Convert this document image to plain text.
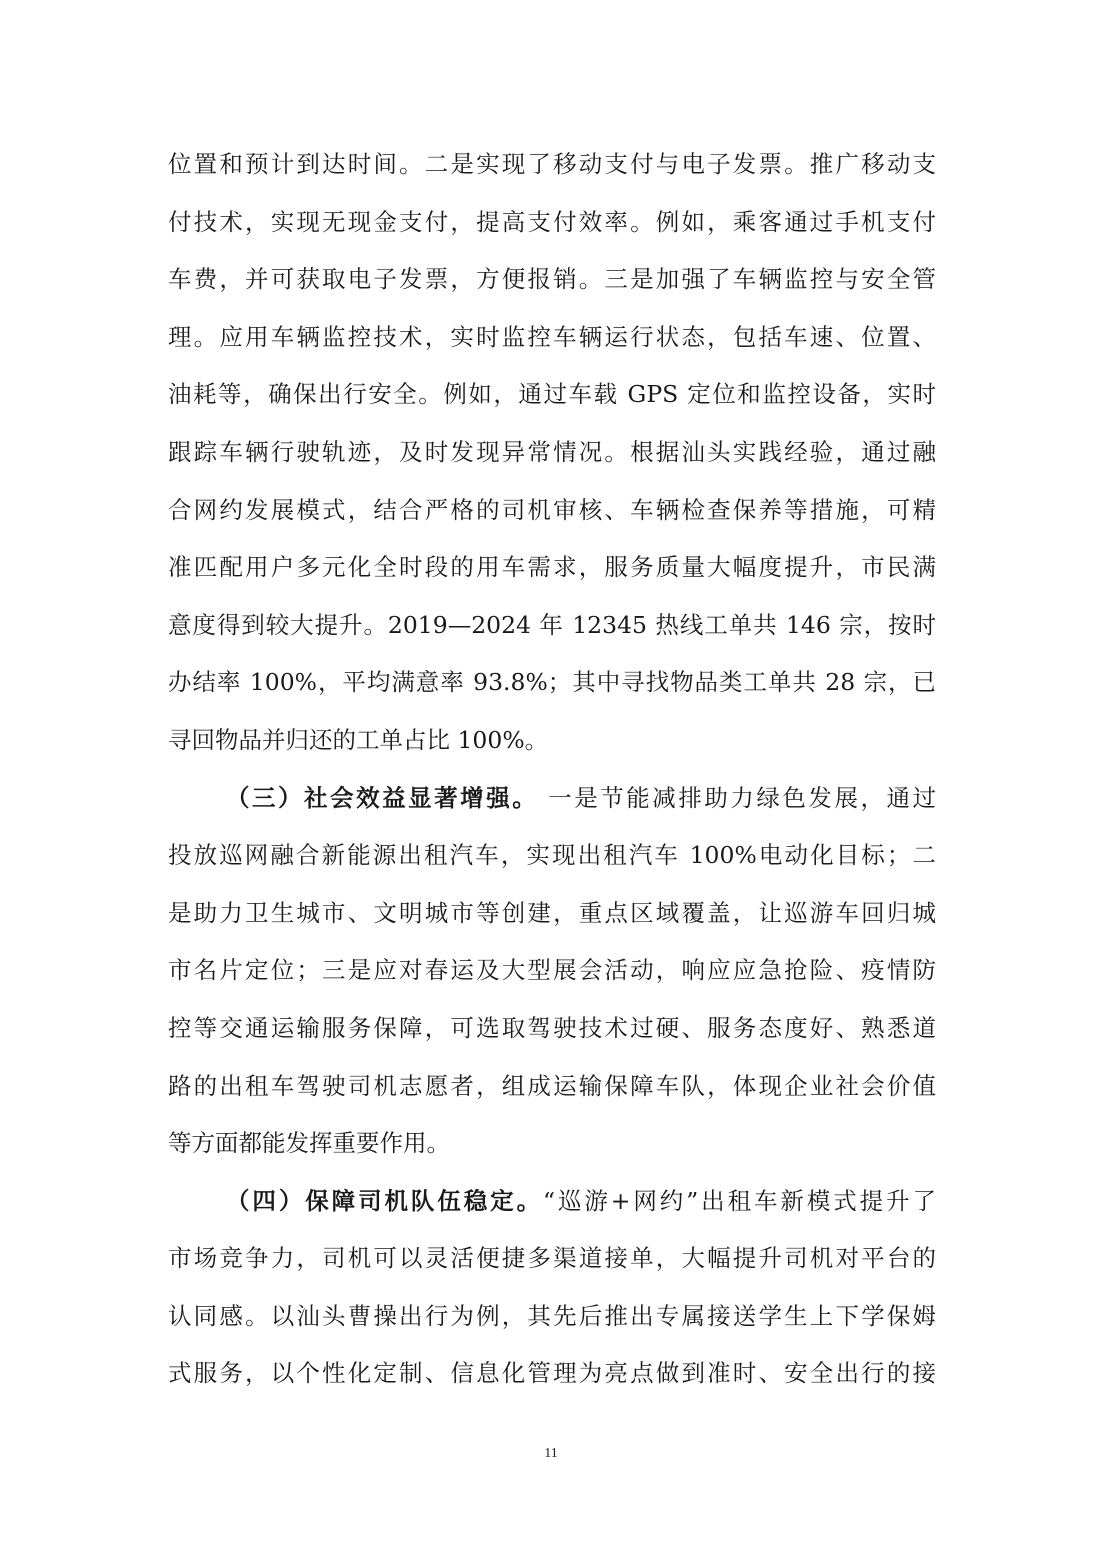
位置和预计到达时间。二是实现了移动支付与电子发票。推广移动支
付技术，实现无现金支付，提高支付效率。例如，乘客通过手机支付
车费，并可获取电子发票，方便报销。三是加强了车辆监控与安全管
理。应用车辆监控技术，实时监控车辆运行状态，包括车速、位置、
油耗等，确保出行安全。例如，通过车载 GPS 定位和监控设备，实时
跟踪车辆行驶轨迹，及时发现异常情况。根据汕头实践经验，通过融
合网约发展模式，结合严格的司机审核、车辆检查保养等措施，可精
准匹配用户多元化全时段的用车需求，服务质量大幅度提升，市民满
意度得到较大提升。2019—2024 年 12345 热线工单共 146 宗，按时
办结率 100%，平均满意率 93.8%；其中寻找物品类工单共 28 宗，已
寻回物品并归还的工单占比 100%。
（三）社会效益显著增强。 一是节能减排助力绿色发展，通过
投放巡网融合新能源出租汽车，实现出租汽车 100%电动化目标；二
是助力卫生城市、文明城市等创建，重点区域覆盖，让巡游车回归城
市名片定位；三是应对春运及大型展会活动，响应应急抢险、疫情防
控等交通运输服务保障，可选取驾驶技术过硬、服务态度好、熟悉道
路的出租车驾驶司机志愿者，组成运输保障车队，体现企业社会价值
等方面都能发挥重要作用。
（四）保障司机队伍稳定。“巡游+网约”出租车新模式提升了
市场竞争力，司机可以灵活便捷多渠道接单，大幅提升司机对平台的
认同感。以汕头曹操出行为例，其先后推出专属接送学生上下学保姆
式服务，以个性化定制、信息化管理为亮点做到准时、安全出行的接
11
